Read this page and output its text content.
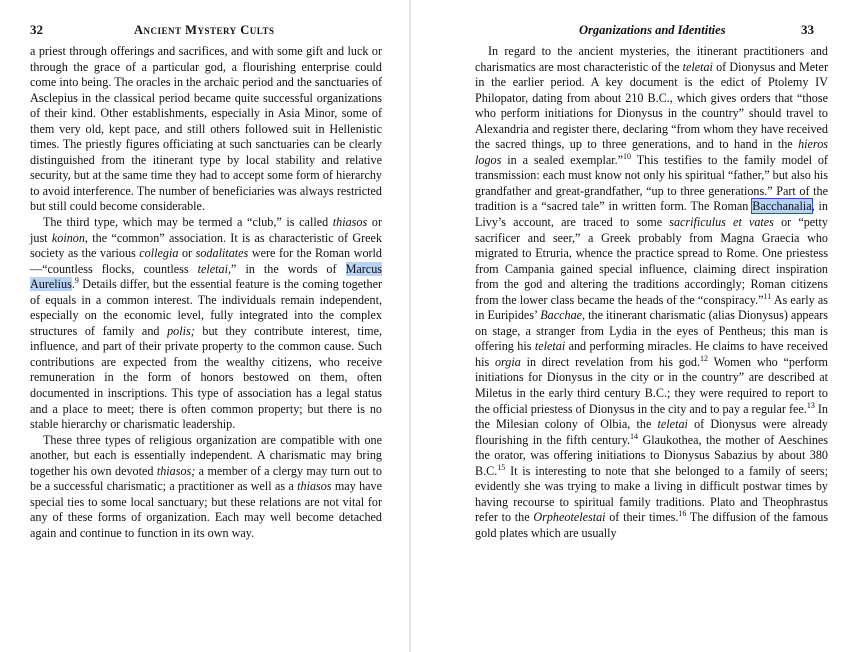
32	Ancient Mystery Cults

a priest through offerings and sacrifices, and with some gift and luck or through the grace of a particular god, a flourishing enterprise could come into being. The oracles in the archaic period and the sanctuaries of Asclepius in the classical period became quite successful organizations of their kind. Other establishments, especially in Asia Minor, some of them very old, kept pace, and still others followed suit in Hellenistic times. The priestly figures officiating at such sanctuaries can be clearly distinguished from the itinerant type by local stability and relative security, but at the same time they had to accept some form of hierarchy to avoid interference. The number of beneficiaries was always restricted but still could become considerable.

The third type, which may be termed a “club,” is called thiasos or just koinon, the “common” association. It is as characteristic of Greek society as the various collegia or sodalitates were for the Roman world—“countless flocks, countless teletai,” in the words of Marcus Aurelius.$^9$ Details differ, but the essential feature is the coming together of equals in a common interest. The individuals remain independent, especially on the economic level, fully integrated into the complex structures of family and polis; but they contribute interest, time, influence, and part of their private property to the common cause. Such contributions are expected from the wealthy citizens, who receive remuneration in the form of honors bestowed on them, often documented in inscriptions. This type of association has a legal status and a place to meet; there is often common property; but there is no stable hierarchy or charismatic leadership.

These three types of religious organization are compatible with one another, but each is essentially independent. A charismatic may bring together his own devoted thiasos; a member of a clergy may turn out to be a successful charismatic; a practitioner as well as a thiasos may have special ties to some local sanctuary; but these relations are not vital for any of these forms of organization. Each may well become detached again and continue to function in its own way.

Organizations and Identities	33

In regard to the ancient mysteries, the itinerant practitioners and charismatics are most characteristic of the teletai of Dionysus and Meter in the earlier period. A key document is the edict of Ptolemy IV Philopator, dating from about 210 B.C., which gives orders that “those who perform initiations for Dionysus in the country” should travel to Alexandria and register there, declaring “from whom they have received the sacred things, up to three generations, and to hand in the hieros logos in a sealed exemplar.”$^{10}$ This testifies to the family model of transmission: each must know not only his spiritual “father,” but also his grandfather and great-grandfather, “up to three generations.” Part of the tradition is a “sacred tale” in written form. The Roman Bacchanalia, in Livy’s account, are traced to some sacrificulus et vates or “petty sacrificer and seer,” a Greek probably from Magna Graecia who migrated to Etruria, whence the practice spread to Rome. One priestess from Campania gained special influence, claiming direct inspiration from the god and altering the traditions accordingly; Roman citizens from the lower class became the heads of the “conspiracy.”$^{11}$ As early as in Euripides’ Bacchae, the itinerant charismatic (alias Dionysus) appears on stage, a stranger from Lydia in the eyes of Pentheus; this man is offering his teletai and performing miracles. He claims to have received his orgia in direct revelation from his god.$^{12}$ Women who “perform initiations for Dionysus in the city or in the country” are described at Miletus in the early third century B.C.; they were required to report to the official priestess of Dionysus in the city and to pay a regular fee.$^{13}$ In the Milesian colony of Olbia, the teletai of Dionysus were already flourishing in the fifth century.$^{14}$ Glaukothea, the mother of Aeschines the orator, was offering initiations to Dionysus Sabazius by about 380 B.C.$^{15}$ It is interesting to note that she belonged to a family of seers; evidently she was trying to make a living in difficult postwar times by having recourse to spiritual family traditions. Plato and Theophrastus refer to the Orpheotelestai of their times.$^{16}$ The diffusion of the famous gold plates which are usually
